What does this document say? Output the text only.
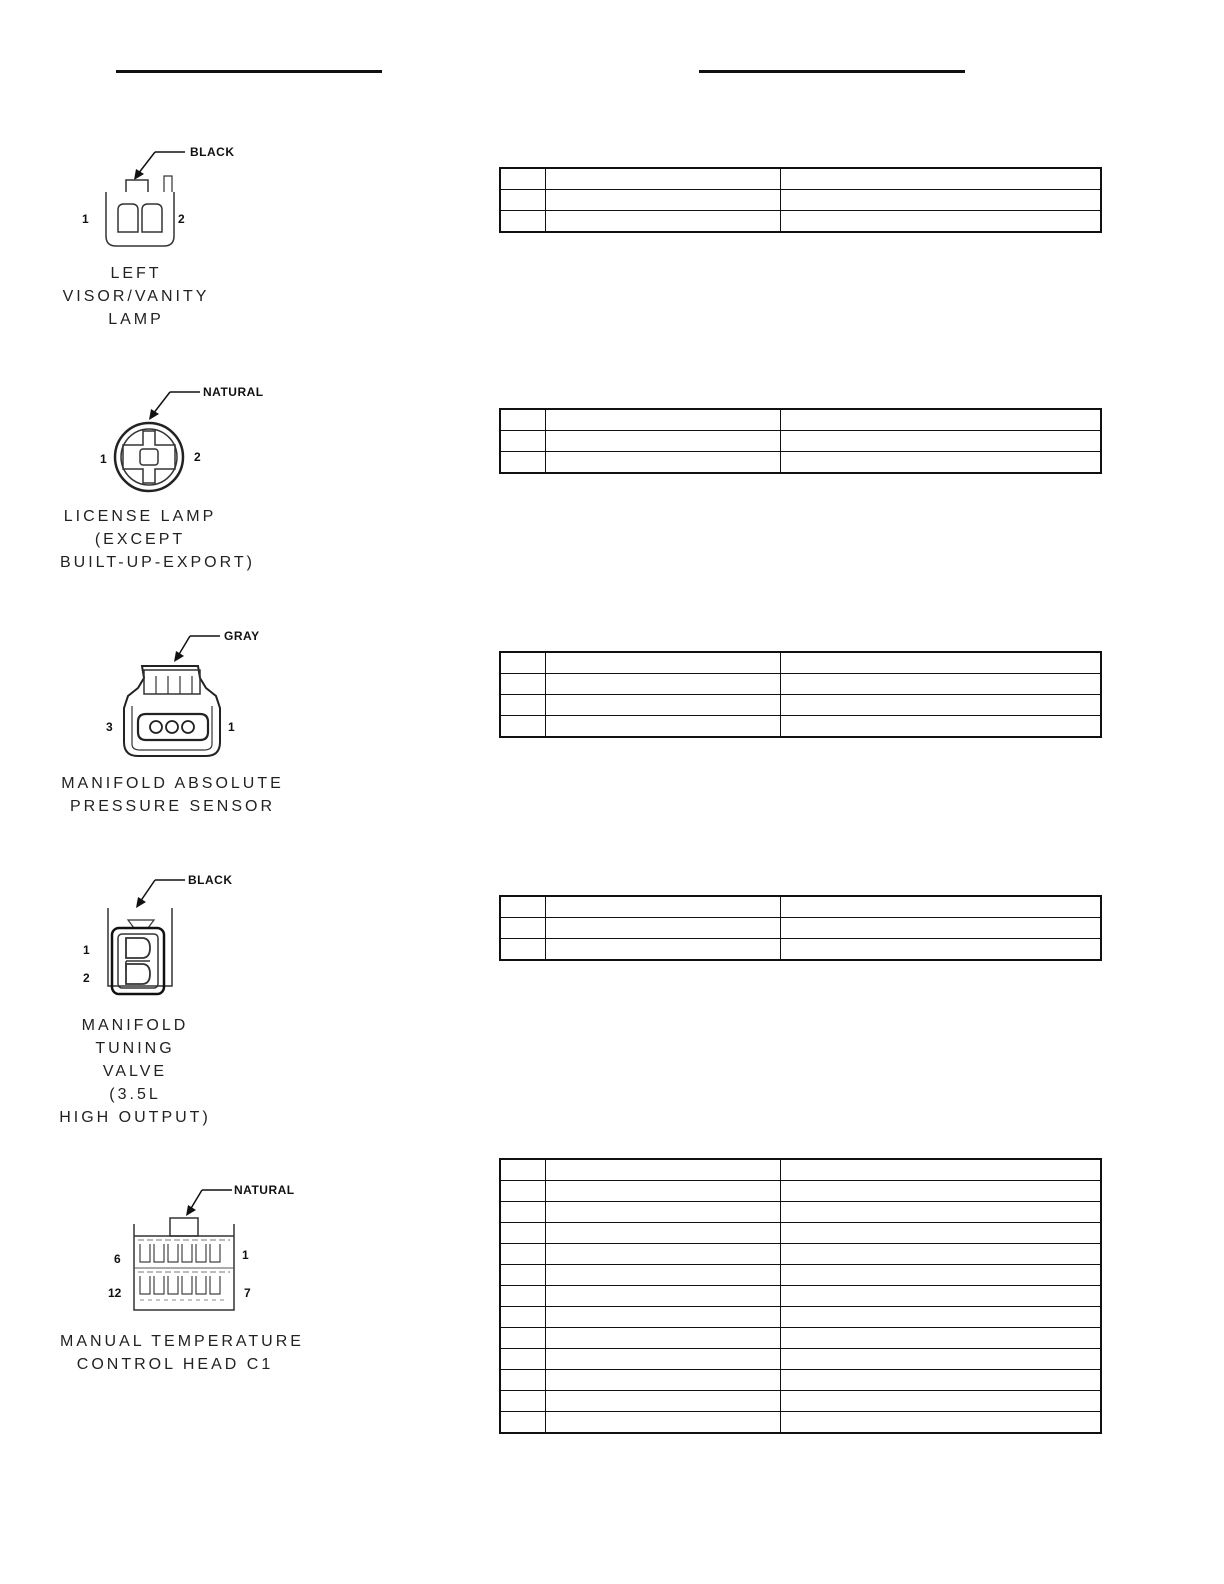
BLACK
1	2
LEFT
VISOR/VANITY
LAMP

NATURAL
1	2
LICENSE LAMP
(EXCEPT
BUILT-UP-EXPORT)

GRAY
3	1
MANIFOLD ABSOLUTE
PRESSURE SENSOR

BLACK
1
2
MANIFOLD
TUNING
VALVE
(3.5L
HIGH OUTPUT)

NATURAL
6	1
12	7
MANUAL TEMPERATURE
CONTROL HEAD C1
